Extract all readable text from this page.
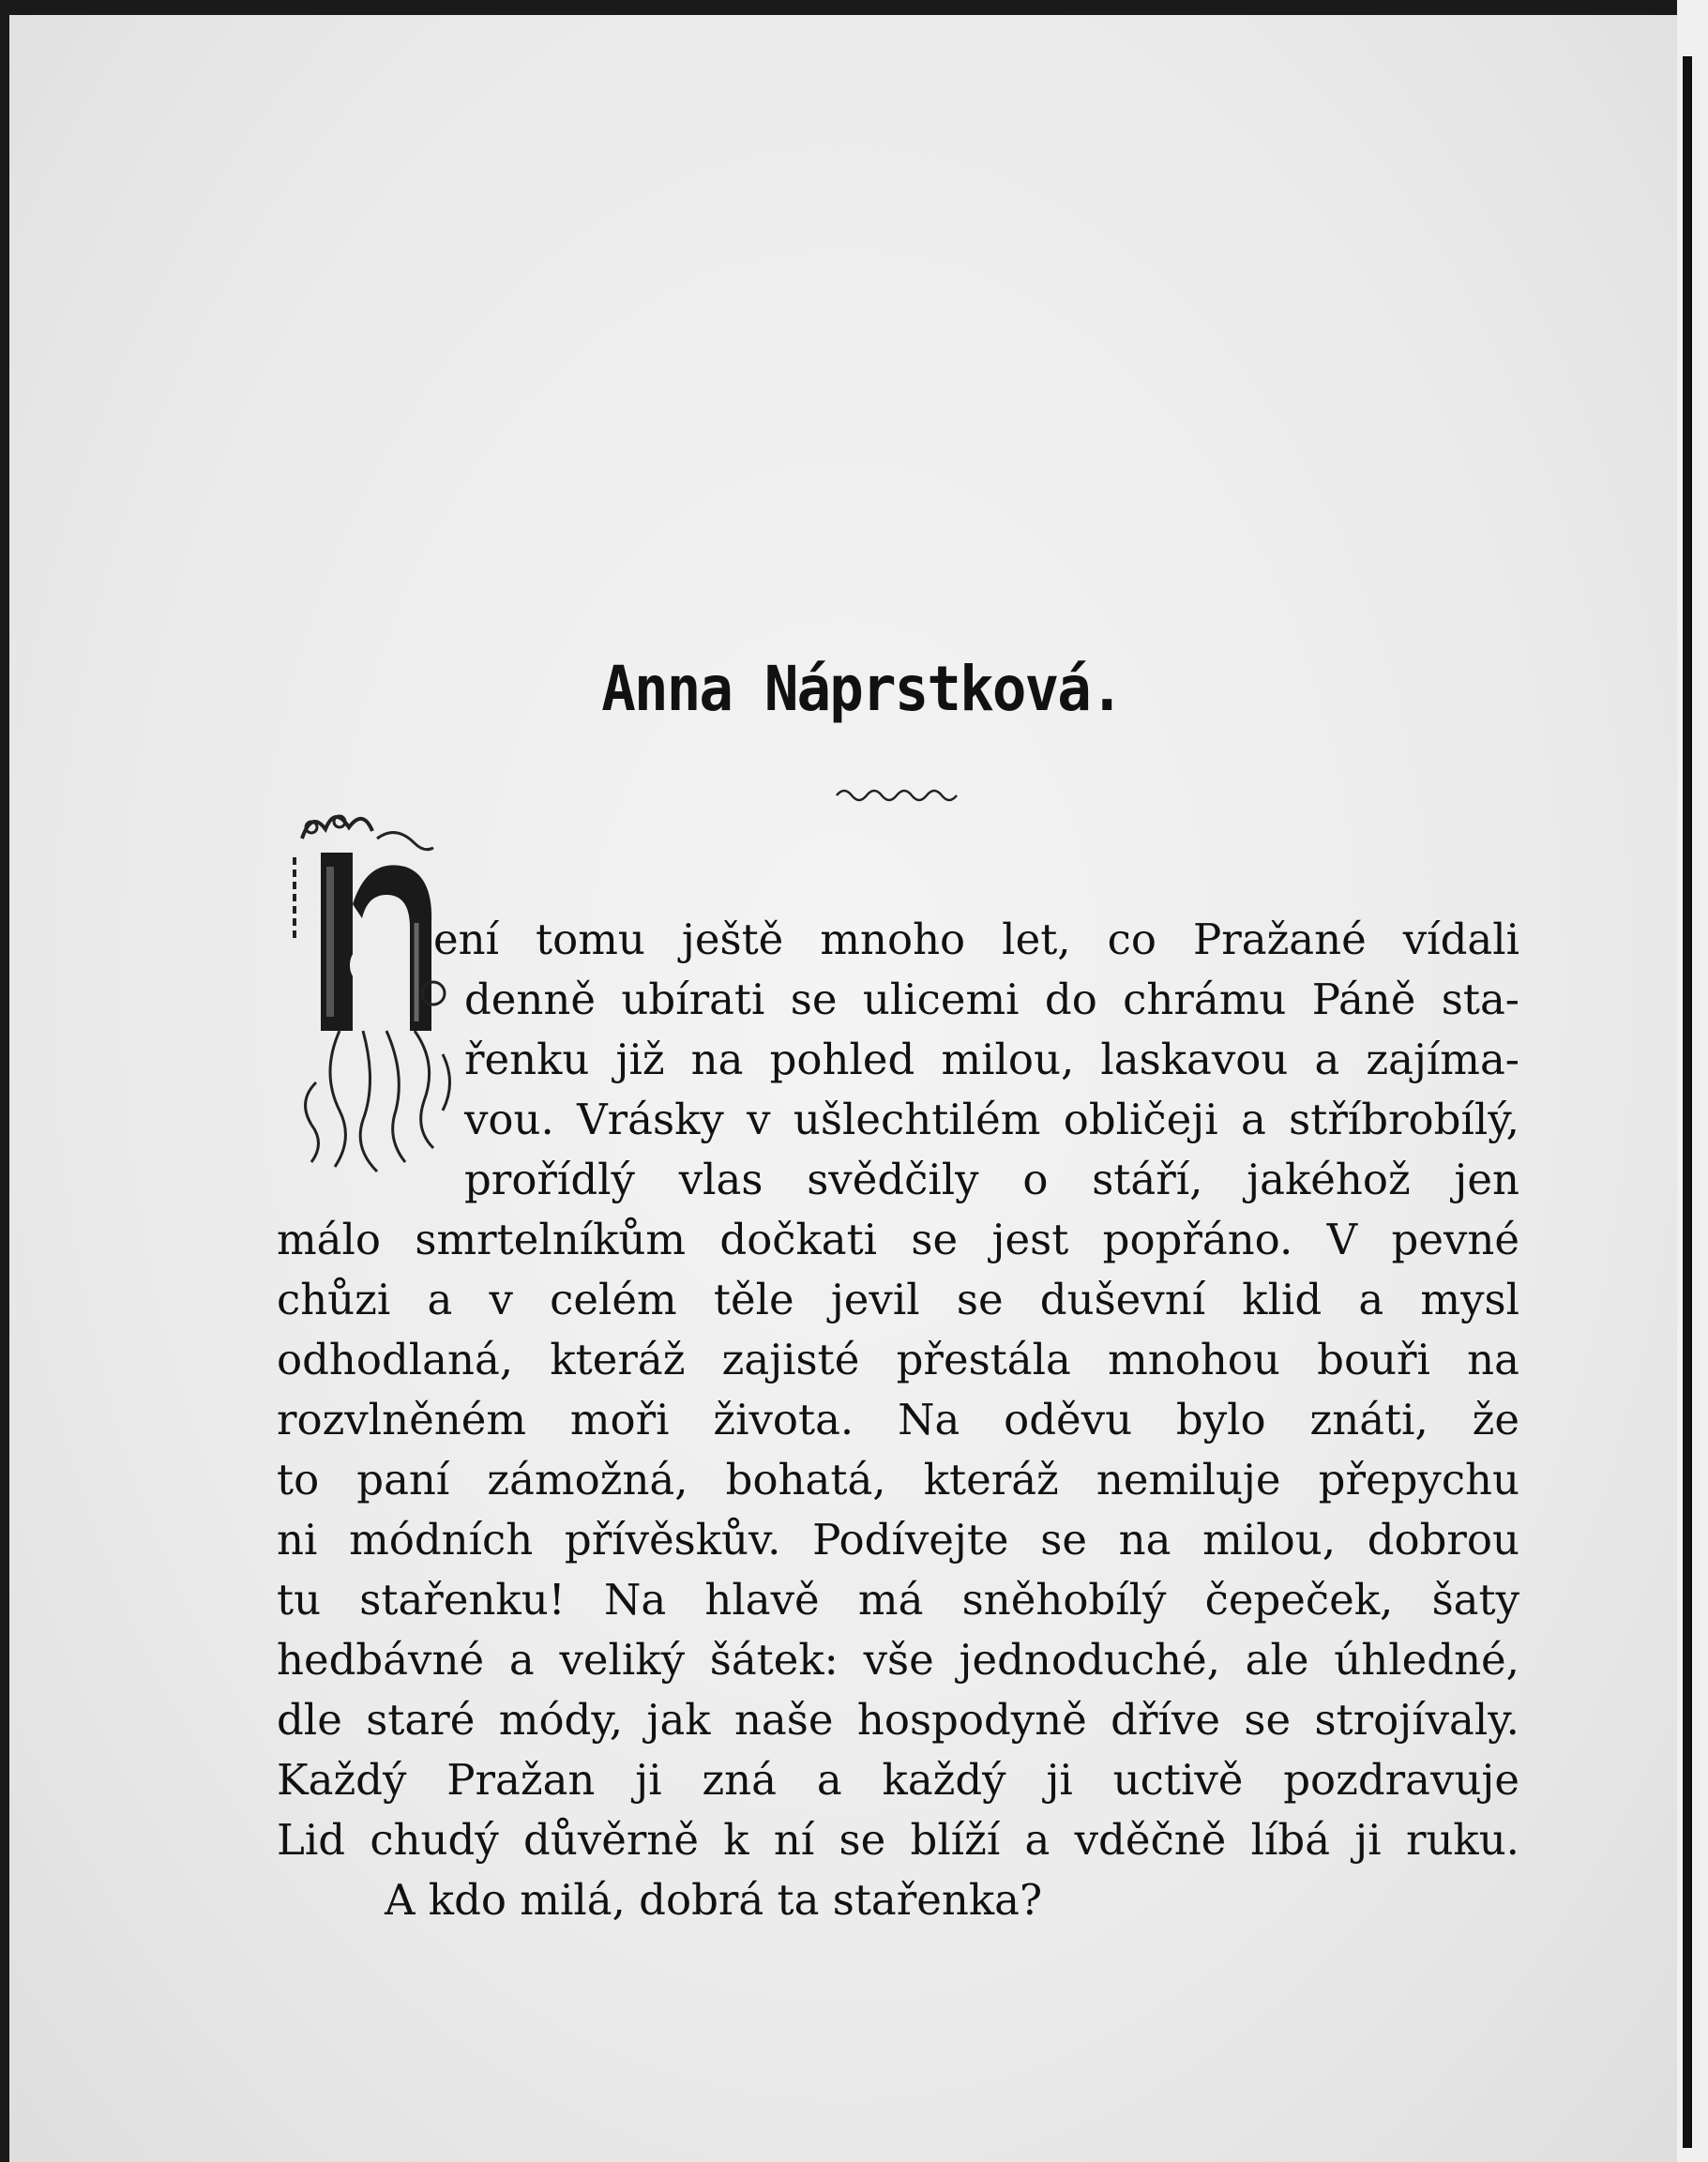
Anna Náprstková.
ení tomu ještě mnoho let, co Pražané vídali
denně ubírati se ulicemi do chrámu Páně sta-
řenku již na pohled milou, laskavou a zajíma-
vou. Vrásky v ušlechtilém obličeji a stříbrobílý,
prořídlý vlas svědčily o stáří, jakéhož jen
málo smrtelníkům dočkati se jest popřáno. V pevné
chůzi a v celém těle jevil se duševní klid a mysl
odhodlaná, kteráž zajisté přestála mnohou bouři na
rozvlněném moři života. Na oděvu bylo znáti, že
to paní zámožná, bohatá, kteráž nemiluje přepychu
ni módních přívěskův. Podívejte se na milou, dobrou
tu stařenku! Na hlavě má sněhobílý čepeček, šaty
hedbávné a veliký šátek: vše jednoduché, ale úhledné,
dle staré módy, jak naše hospodyně dříve se strojívaly.
Každý Pražan ji zná a každý ji uctivě pozdravuje
Lid chudý důvěrně k ní se blíží a vděčně líbá ji ruku.
A kdo milá, dobrá ta stařenka?
